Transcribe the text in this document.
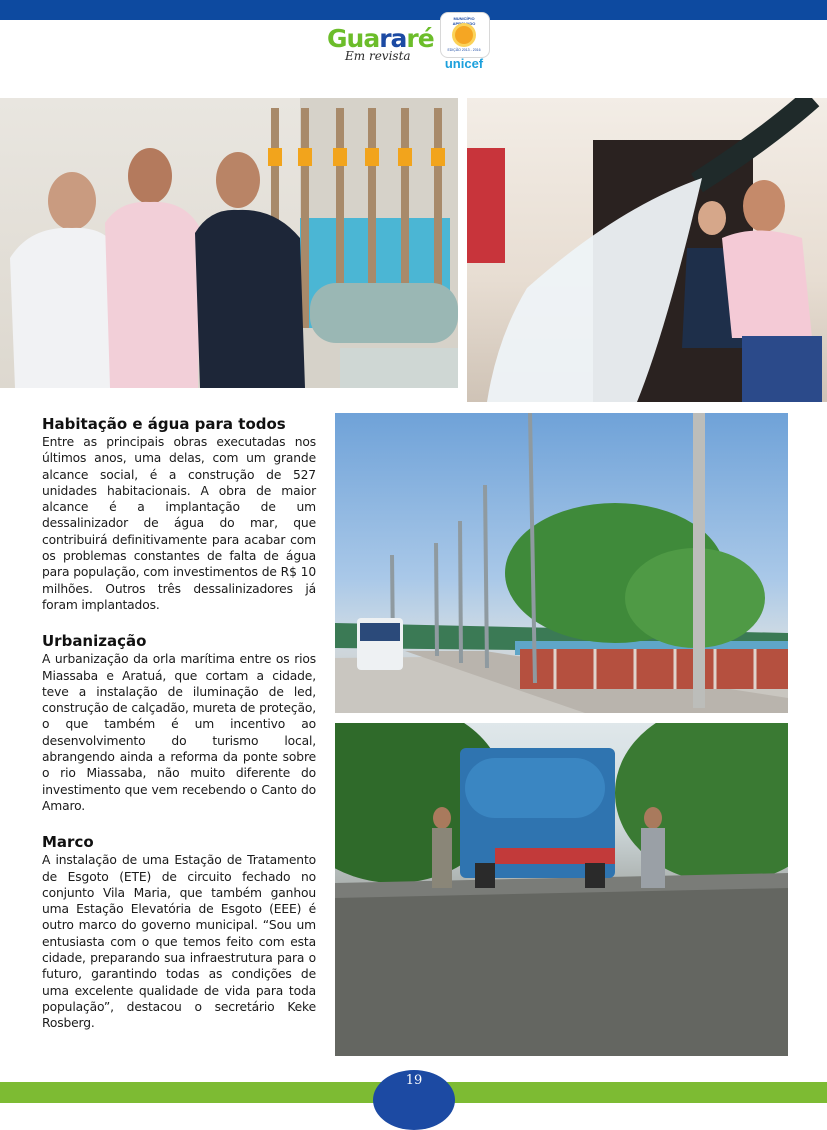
Guararé
Em revista
MUNICÍPIO APROVADO
EDIÇÃO 2013 - 2016
unicef
Habitação e água para todos

Entre as principais obras executadas nos últimos anos, uma delas, com um grande alcance social, é a construção de 527 unidades habitacionais. A obra de maior alcance é a implantação de um dessalinizador de água do mar, que contribuirá definitivamente para acabar com os problemas constantes de falta de água para população, com investimentos de R$ 10 milhões. Outros três dessalinizadores já foram implantados.

Urbanização

A urbanização da orla marítima entre os rios Miassaba e Aratuá, que cortam a cidade, teve a instalação de iluminação de led, construção de calçadão, mureta de proteção, o que também é um incentivo ao desenvolvimento do turismo local, abrangendo ainda a reforma da ponte sobre o rio Miassaba, não muito diferente do investimento que vem recebendo o Canto do Amaro.

Marco

A instalação de uma Estação de Tratamento de Esgoto (ETE) de circuito fechado no conjunto Vila Maria, que também ganhou uma Estação Elevatória de Esgoto (EEE) é outro marco do governo municipal. “Sou um entusiasta com o que temos feito com esta cidade, preparando sua infraestrutura para o futuro, garantindo todas as condições de uma excelente qualidade de vida para toda população”, destacou o secretário Keke Rosberg.

19
